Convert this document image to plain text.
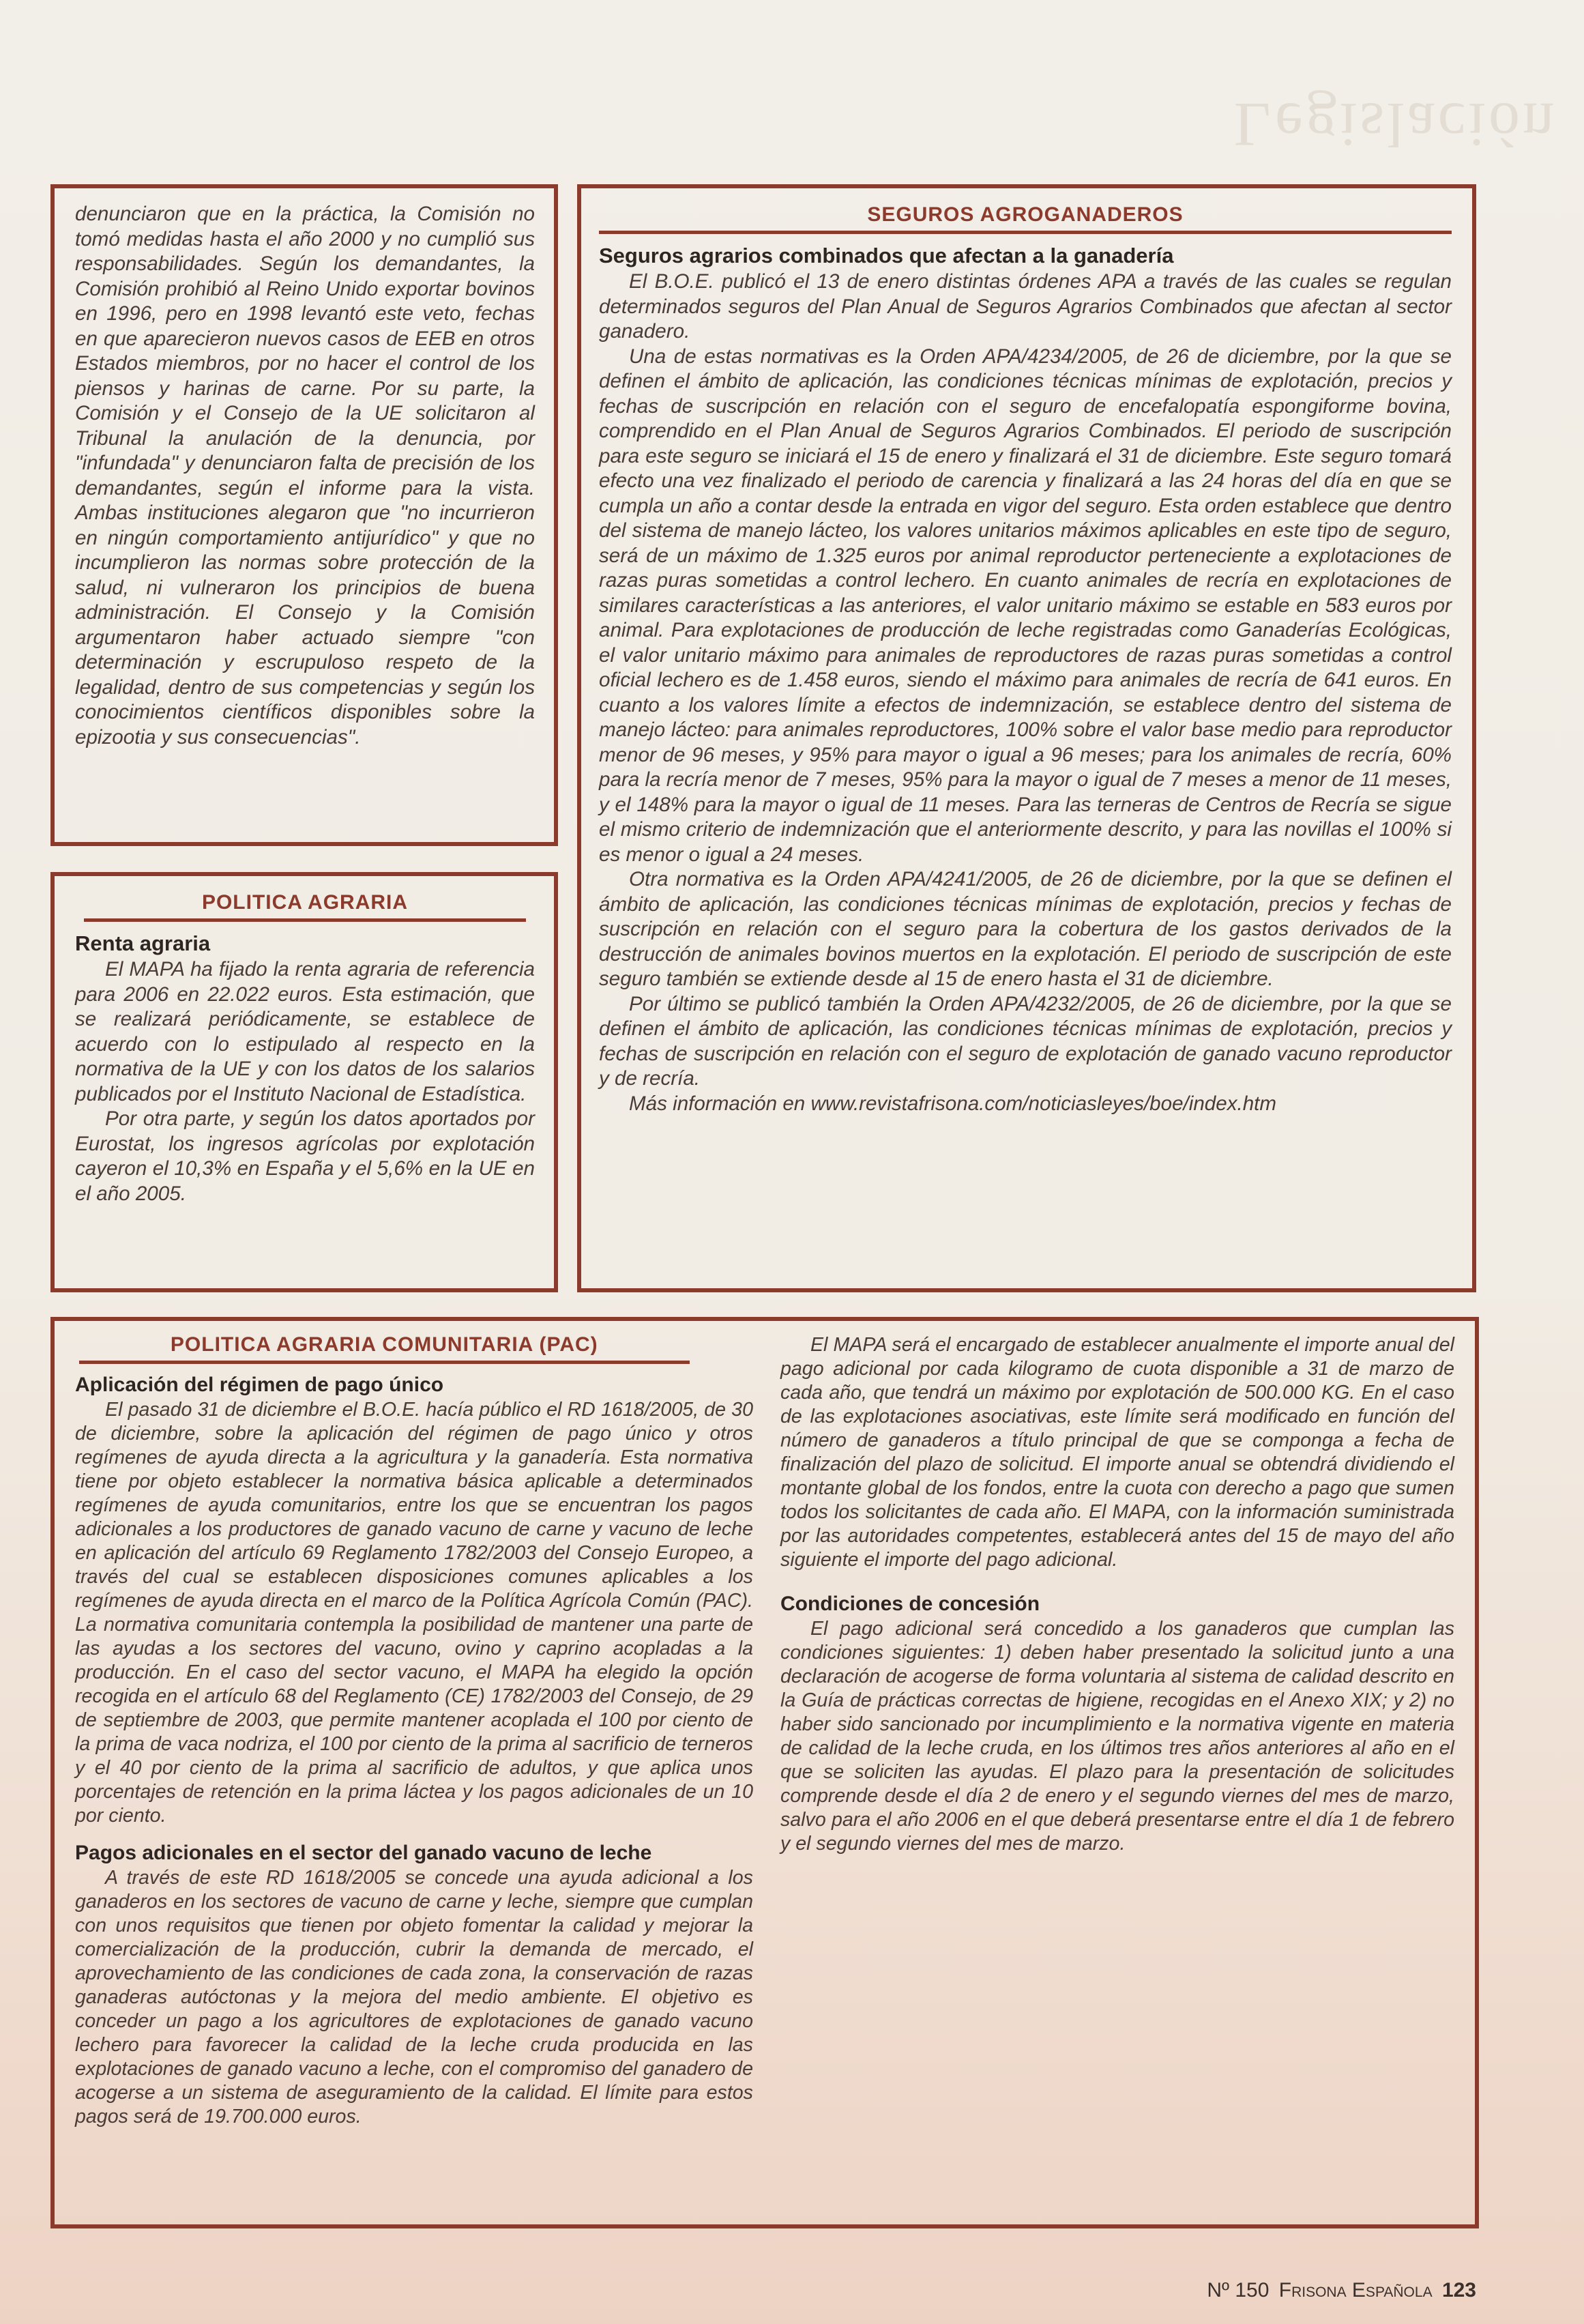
Legislación

denunciaron que en la práctica, la Comisión no tomó medidas hasta el año 2000 y no cumplió sus responsabilidades. Según los demandantes, la Comisión prohibió al Reino Unido exportar bovinos en 1996, pero en 1998 levantó este veto, fechas en que aparecieron nuevos casos de EEB en otros Estados miembros, por no hacer el control de los piensos y harinas de carne. Por su parte, la Comisión y el Consejo de la UE solicitaron al Tribunal la anulación de la denuncia, por "infundada" y denunciaron falta de precisión de los demandantes, según el informe para la vista. Ambas instituciones alegaron que "no incurrieron en ningún comportamiento antijurídico" y que no incumplieron las normas sobre protección de la salud, ni vulneraron los principios de buena administración. El Consejo y la Comisión argumentaron haber actuado siempre "con determinación y escrupuloso respeto de la legalidad, dentro de sus competencias y según los conocimientos científicos disponibles sobre la epizootia y sus consecuencias".

POLITICA AGRARIA
Renta agraria

El MAPA ha fijado la renta agraria de referencia para 2006 en 22.022 euros. Esta estimación, que se realizará periódicamente, se establece de acuerdo con lo estipulado al respecto en la normativa de la UE y con los datos de los salarios publicados por el Instituto Nacional de Estadística.

Por otra parte, y según los datos aportados por Eurostat, los ingresos agrícolas por explotación cayeron el 10,3% en España y el 5,6% en la UE en el año 2005.

SEGUROS AGROGANADEROS
Seguros agrarios combinados que afectan a la ganadería

El B.O.E. publicó el 13 de enero distintas órdenes APA a través de las cuales se regulan determinados seguros del Plan Anual de Seguros Agrarios Combinados que afectan al sector ganadero.

Una de estas normativas es la Orden APA/4234/2005, de 26 de diciembre, por la que se definen el ámbito de aplicación, las condiciones técnicas mínimas de explotación, precios y fechas de suscripción en relación con el seguro de encefalopatía espongiforme bovina, comprendido en el Plan Anual de Seguros Agrarios Combinados. El periodo de suscripción para este seguro se iniciará el 15 de enero y finalizará el 31 de diciembre. Este seguro tomará efecto una vez finalizado el periodo de carencia y finalizará a las 24 horas del día en que se cumpla un año a contar desde la entrada en vigor del seguro. Esta orden establece que dentro del sistema de manejo lácteo, los valores unitarios máximos aplicables en este tipo de seguro, será de un máximo de 1.325 euros por animal reproductor perteneciente a explotaciones de razas puras sometidas a control lechero. En cuanto animales de recría en explotaciones de similares características a las anteriores, el valor unitario máximo se estable en 583 euros por animal. Para explotaciones de producción de leche registradas como Ganaderías Ecológicas, el valor unitario máximo para animales de reproductores de razas puras sometidas a control oficial lechero es de 1.458 euros, siendo el máximo para animales de recría de 641 euros. En cuanto a los valores límite a efectos de indemnización, se establece dentro del sistema de manejo lácteo: para animales reproductores, 100% sobre el valor base medio para reproductor menor de 96 meses, y 95% para mayor o igual a 96 meses; para los animales de recría, 60% para la recría menor de 7 meses, 95% para la mayor o igual de 7 meses a menor de 11 meses, y el 148% para la mayor o igual de 11 meses. Para las terneras de Centros de Recría se sigue el mismo criterio de indemnización que el anteriormente descrito, y para las novillas el 100% si es menor o igual a 24 meses.

Otra normativa es la Orden APA/4241/2005, de 26 de diciembre, por la que se definen el ámbito de aplicación, las condiciones técnicas mínimas de explotación, precios y fechas de suscripción en relación con el seguro para la cobertura de los gastos derivados de la destrucción de animales bovinos muertos en la explotación. El periodo de suscripción de este seguro también se extiende desde al 15 de enero hasta el 31 de diciembre.

Por último se publicó también la Orden APA/4232/2005, de 26 de diciembre, por la que se definen el ámbito de aplicación, las condiciones técnicas mínimas de explotación, precios y fechas de suscripción en relación con el seguro de explotación de ganado vacuno reproductor y de recría.

Más información en www.revistafrisona.com/noticiasleyes/boe/index.htm

POLITICA AGRARIA COMUNITARIA (PAC)
Aplicación del régimen de pago único

El pasado 31 de diciembre el B.O.E. hacía público el RD 1618/2005, de 30 de diciembre, sobre la aplicación del régimen de pago único y otros regímenes de ayuda directa a la agricultura y la ganadería. Esta normativa tiene por objeto establecer la normativa básica aplicable a determinados regímenes de ayuda comunitarios, entre los que se encuentran los pagos adicionales a los productores de ganado vacuno de carne y vacuno de leche en aplicación del artículo 69 Reglamento 1782/2003 del Consejo Europeo, a través del cual se establecen disposiciones comunes aplicables a los regímenes de ayuda directa en el marco de la Política Agrícola Común (PAC). La normativa comunitaria contempla la posibilidad de mantener una parte de las ayudas a los sectores del vacuno, ovino y caprino acopladas a la producción. En el caso del sector vacuno, el MAPA ha elegido la opción recogida en el artículo 68 del Reglamento (CE) 1782/2003 del Consejo, de 29 de septiembre de 2003, que permite mantener acoplada el 100 por ciento de la prima de vaca nodriza, el 100 por ciento de la prima al sacrificio de terneros y el 40 por ciento de la prima al sacrificio de adultos, y que aplica unos porcentajes de retención en la prima láctea y los pagos adicionales de un 10 por ciento.

Pagos adicionales en el sector del ganado vacuno de leche

A través de este RD 1618/2005 se concede una ayuda adicional a los ganaderos en los sectores de vacuno de carne y leche, siempre que cumplan con unos requisitos que tienen por objeto fomentar la calidad y mejorar la comercialización de la producción, cubrir la demanda de mercado, el aprovechamiento de las condiciones de cada zona, la conservación de razas ganaderas autóctonas y la mejora del medio ambiente. El objetivo es conceder un pago a los agricultores de explotaciones de ganado vacuno lechero para favorecer la calidad de la leche cruda producida en las explotaciones de ganado vacuno a leche, con el compromiso del ganadero de acogerse a un sistema de aseguramiento de la calidad. El límite para estos pagos será de 19.700.000 euros.

El MAPA será el encargado de establecer anualmente el importe anual del pago adicional por cada kilogramo de cuota disponible a 31 de marzo de cada año, que tendrá un máximo por explotación de 500.000 KG. En el caso de las explotaciones asociativas, este límite será modificado en función del número de ganaderos a título principal de que se componga a fecha de finalización del plazo de solicitud. El importe anual se obtendrá dividiendo el montante global de los fondos, entre la cuota con derecho a pago que sumen todos los solicitantes de cada año. El MAPA, con la información suministrada por las autoridades competentes, establecerá antes del 15 de mayo del año siguiente el importe del pago adicional.

Condiciones de concesión

El pago adicional será concedido a los ganaderos que cumplan las condiciones siguientes: 1) deben haber presentado la solicitud junto a una declaración de acogerse de forma voluntaria al sistema de calidad descrito en la Guía de prácticas correctas de higiene, recogidas en el Anexo XIX; y 2) no haber sido sancionado por incumplimiento e la normativa vigente en materia de calidad de la leche cruda, en los últimos tres años anteriores al año en el que se soliciten las ayudas. El plazo para la presentación de solicitudes comprende desde el día 2 de enero y el segundo viernes del mes de marzo, salvo para el año 2006 en el que deberá presentarse entre el día 1 de febrero y el segundo viernes del mes de marzo.

Nº 150 Frisona Española 123
